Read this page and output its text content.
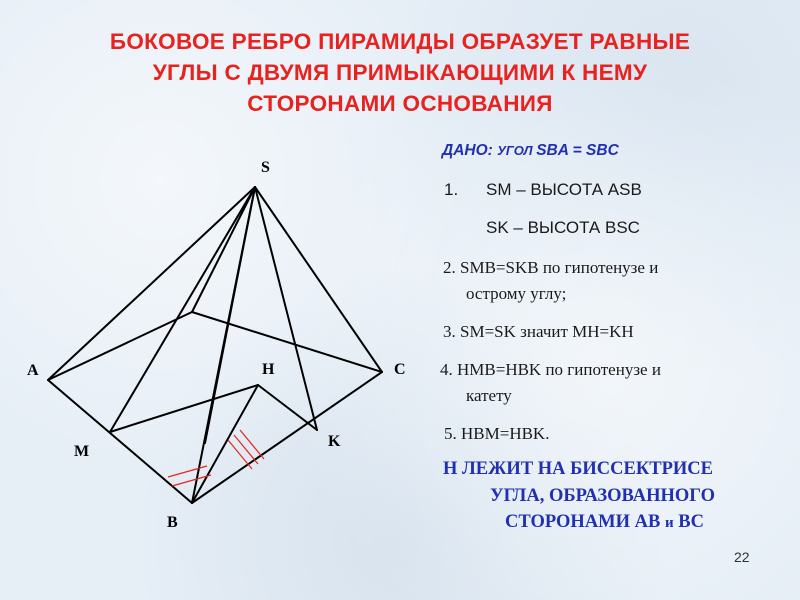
БОКОВОЕ РЕБРО ПИРАМИДЫ ОБРАЗУЕТ РАВНЫЕ
УГЛЫ С ДВУМЯ ПРИМЫКАЮЩИМИ К НЕМУ
СТОРОНАМИ ОСНОВАНИЯ
S
A	H	C
M
K
B
ДАНО: УГОЛ SBA = SBC
1. SM – ВЫСОТА ASB
SK – ВЫСОТА BSC
2. SMB=SKB по гипотенузе и
острому углу;
3. SM=SK значит MH=KH
4. HMB=HBK по гипотенузе и
катету
5. HBM=HBK.
Н ЛЕЖИТ НА БИССЕКТРИСЕ
УГЛА, ОБРАЗОВАННОГО
СТОРОНАМИ АВ и ВС
22
